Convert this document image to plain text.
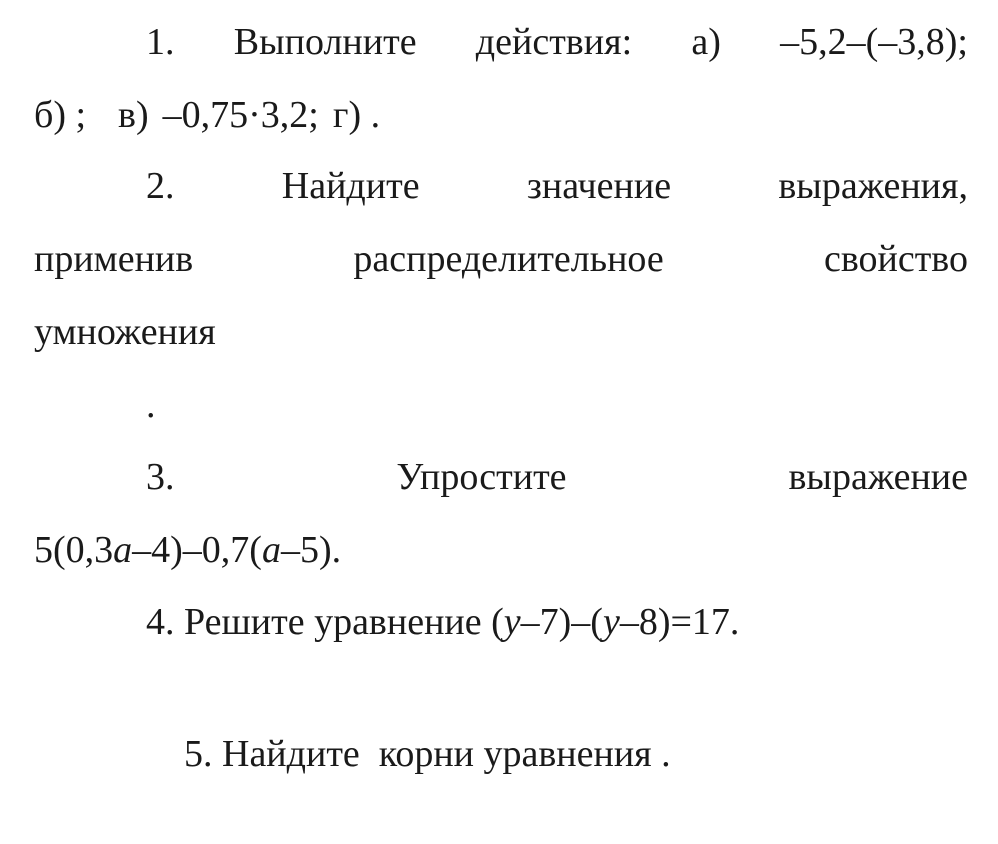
1. Выполните действия: а) –5,2–(–3,8);
б) ; в) –0,75·3,2; г) .
2.	Найдите	значение	выражения,
применив	распределительное	свойство
умножения
.
3.	Упростите	выражение
5(0,3a–4)–0,7(a–5).
4. Решите уравнение (y–7)–(y–8)=17.

5. Найдите  корни уравнения .
